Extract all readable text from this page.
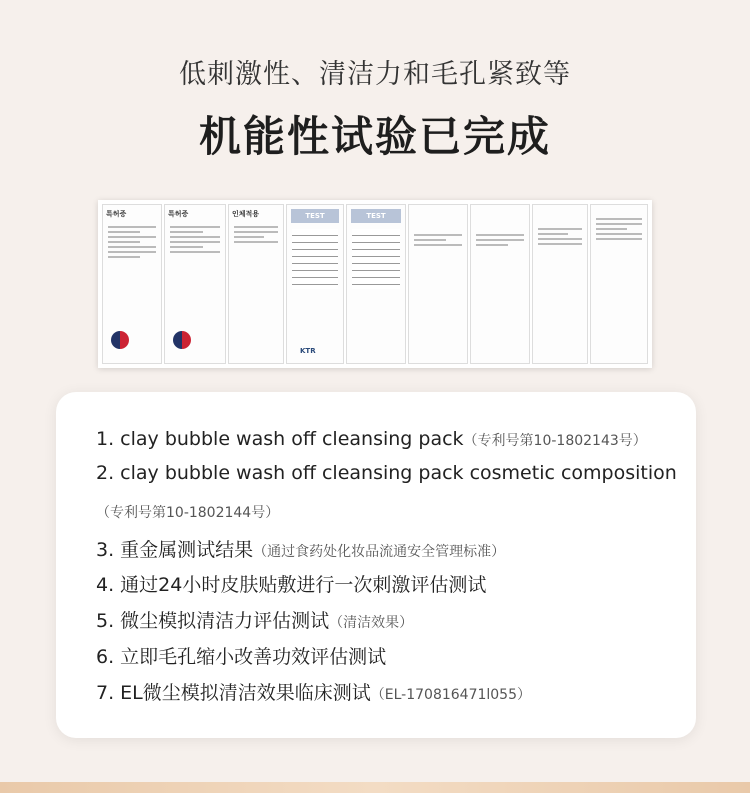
低刺激性、清洁力和毛孔紧致等
机能性试验已完成
특허증	특허증	인체적용	TEST
KTR
TEST
1. clay bubble wash off cleansing pack（专利号第10-1802143号）
2. clay bubble wash off cleansing pack cosmetic composition
（专利号第10-1802144号）
3. 重金属测试结果（通过食药处化妆品流通安全管理标准）
4. 通过24小时皮肤贴敷进行一次刺激评估测试
5. 微尘模拟清洁力评估测试（清洁效果）
6. 立即毛孔缩小改善功效评估测试
7. EL微尘模拟清洁效果临床测试（EL-170816471l055）
